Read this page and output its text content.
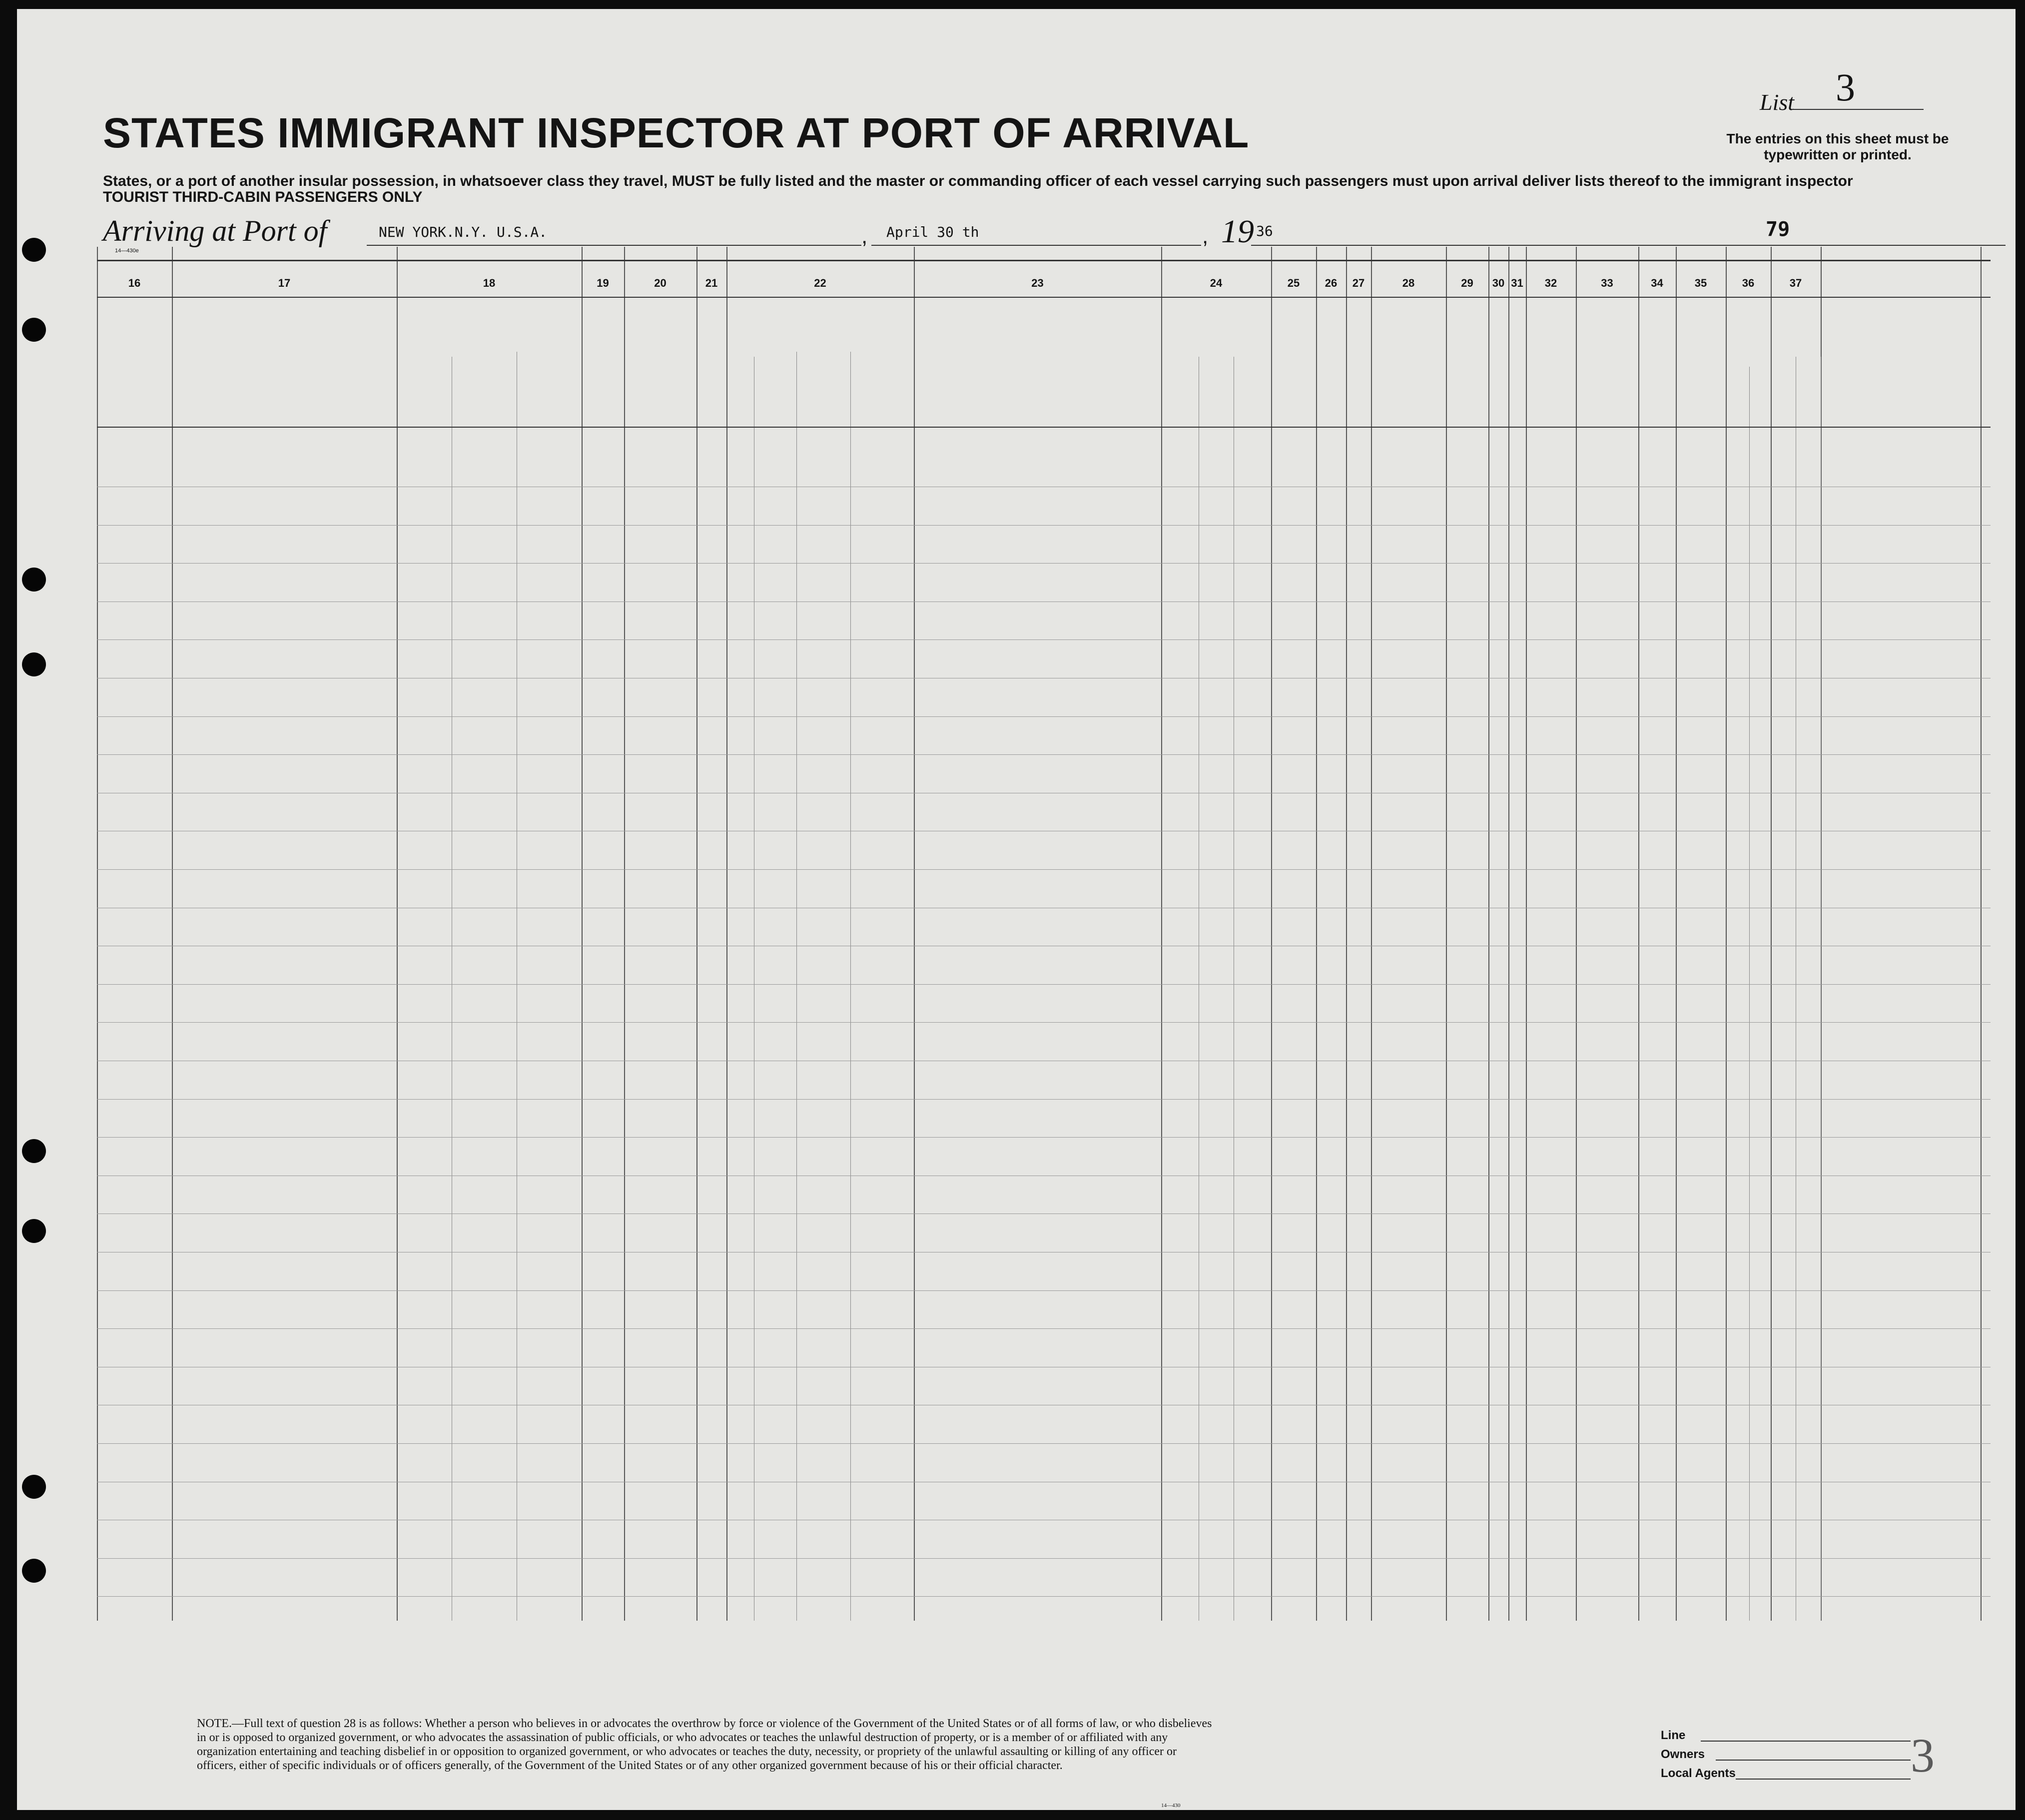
16	17	18	19	20	21	22	23	24	25 26 27	28	29 30 31 32	33	34	35	36	37
List 3
The entries on this sheet must be typewritten or printed.
STATES IMMIGRANT INSPECTOR AT PORT OF ARRIVAL
States, or a port of another insular possession, in whatsoever class they travel, MUST be fully listed and the master or commanding officer of each vessel carrying such passengers must upon arrival deliver lists thereof to the immigrant inspector
TOURIST THIRD-CABIN PASSENGERS ONLY
Arriving at Port of	NEW YORK.N.Y. U.S.A.	, April 30 th	, 19 36	79
14—430e
NOTE.—Full text of question 28 is as follows: Whether a person who believes in or advocates the overthrow by force or violence of the Government of the United States or of all forms of law, or who disbelieves in or is opposed to organized government, or who advocates the assassination of public officials, or who advocates or teaches the unlawful destruction of property, or is a member of or affiliated with any organization entertaining and teaching disbelief in or opposition to organized government, or who advocates or teaches the duty, necessity, or propriety of the unlawful assaulting or killing of any officer or officers, either of specific individuals or of officers generally, of the Government of the United States or of any other organized government because of his or their official character.
14—430
Line
Owners
Local Agents	3
